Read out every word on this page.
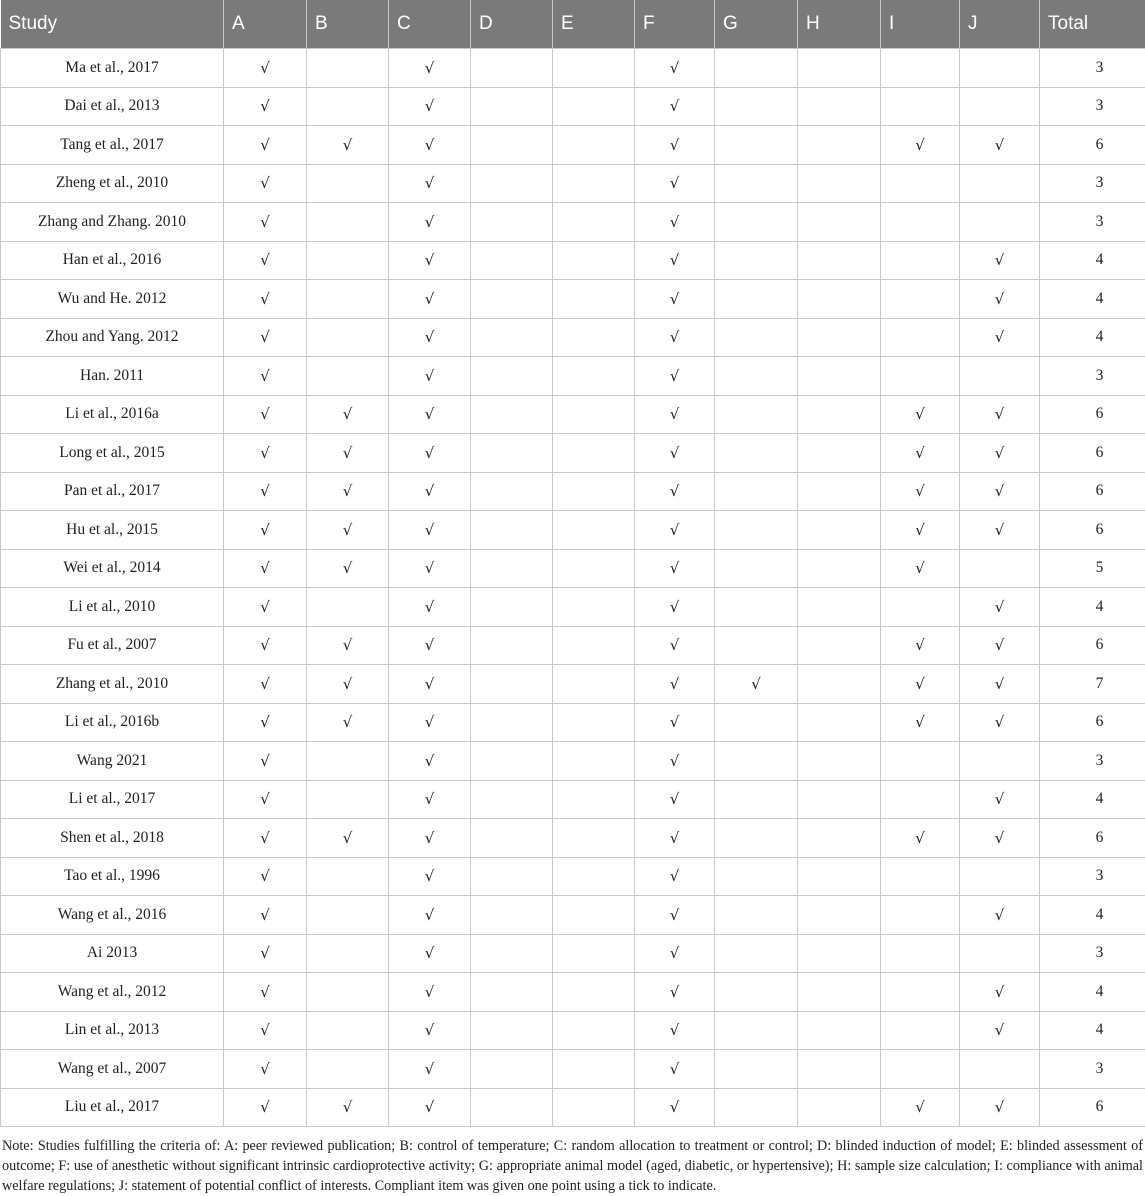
Study	A	B	C	D	E	F	G	H	I	J	Total
Ma et al., 2017	√		√			√					3
Dai et al., 2013	√		√			√					3
Tang et al., 2017	√	√	√			√			√	√	6
Zheng et al., 2010	√		√			√					3
Zhang and Zhang. 2010	√		√			√					3
Han et al., 2016	√		√			√				√	4
Wu and He. 2012	√		√			√				√	4
Zhou and Yang. 2012	√		√			√				√	4
Han. 2011	√		√			√					3
Li et al., 2016a	√	√	√			√			√	√	6
Long et al., 2015	√	√	√			√			√	√	6
Pan et al., 2017	√	√	√			√			√	√	6
Hu et al., 2015	√	√	√			√			√	√	6
Wei et al., 2014	√	√	√			√			√		5
Li et al., 2010	√		√			√				√	4
Fu et al., 2007	√	√	√			√			√	√	6
Zhang et al., 2010	√	√	√			√	√		√	√	7
Li et al., 2016b	√	√	√			√			√	√	6
Wang 2021	√		√			√					3
Li et al., 2017	√		√			√				√	4
Shen et al., 2018	√	√	√			√			√	√	6
Tao et al., 1996	√		√			√					3
Wang et al., 2016	√		√			√				√	4
Ai 2013	√		√			√					3
Wang et al., 2012	√		√			√				√	4
Lin et al., 2013	√		√			√				√	4
Wang et al., 2007	√		√			√					3
Liu et al., 2017	√	√	√			√			√	√	6
Note: Studies fulfilling the criteria of: A: peer reviewed publication; B: control of temperature; C: random allocation to treatment or control; D: blinded induction of model; E: blinded assessment of outcome; F: use of anesthetic without significant intrinsic cardioprotective activity; G: appropriate animal model (aged, diabetic, or hypertensive); H: sample size calculation; I: compliance with animal welfare regulations; J: statement of potential conflict of interests. Compliant item was given one point using a tick to indicate.
